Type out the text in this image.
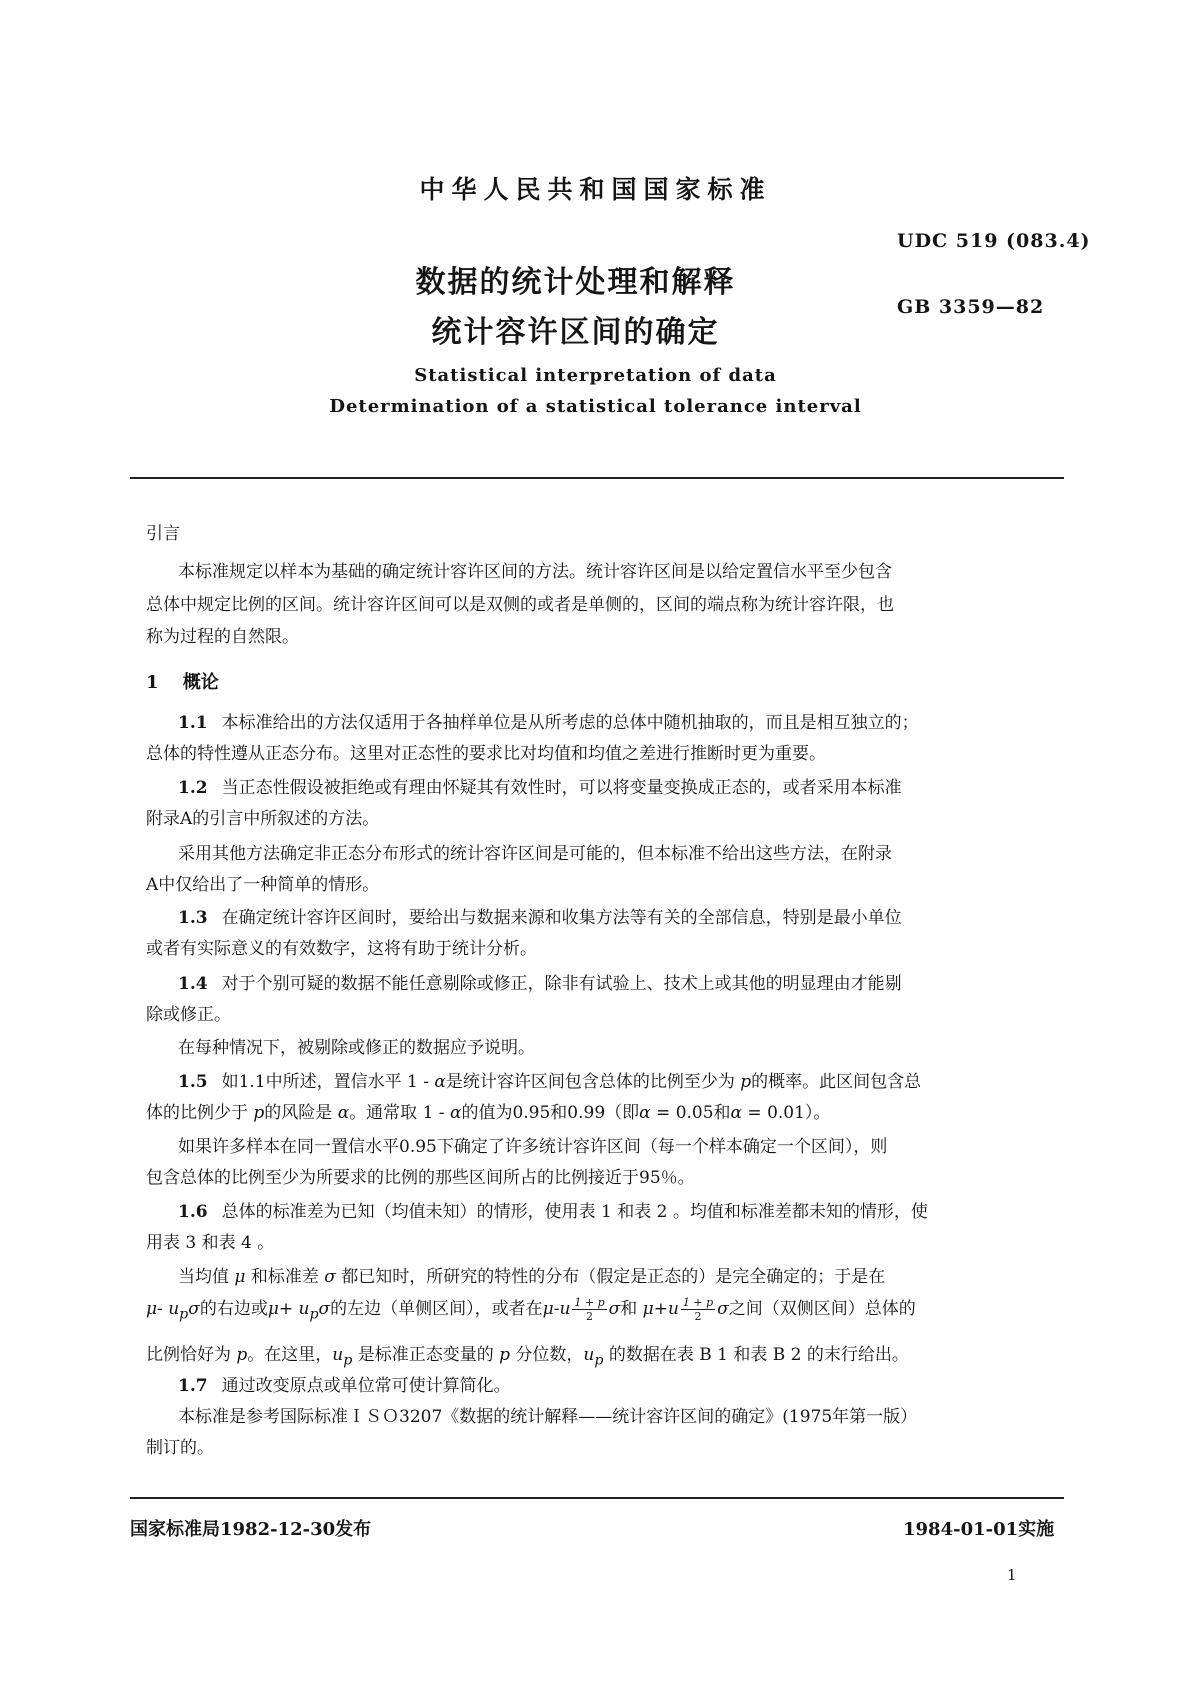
中华人民共和国国家标准
UDC 519 (083.4)
数据的统计处理和解释
GB 3359—82
统计容许区间的确定
Statistical interpretation of data
Determination of a statistical tolerance interval
引言
本标准规定以样本为基础的确定统计容许区间的方法。统计容许区间是以给定置信水平至少包含
总体中规定比例的区间。统计容许区间可以是双侧的或者是单侧的，区间的端点称为统计容许限，也
称为过程的自然限。
1 概论
1.1 本标准给出的方法仅适用于各抽样单位是从所考虑的总体中随机抽取的，而且是相互独立的；
总体的特性遵从正态分布。这里对正态性的要求比对均值和均值之差进行推断时更为重要。
1.2 当正态性假设被拒绝或有理由怀疑其有效性时，可以将变量变换成正态的，或者采用本标准
附录A的引言中所叙述的方法。
采用其他方法确定非正态分布形式的统计容许区间是可能的，但本标准不给出这些方法，在附录
A中仅给出了一种简单的情形。
1.3 在确定统计容许区间时，要给出与数据来源和收集方法等有关的全部信息，特别是最小单位
或者有实际意义的有效数字，这将有助于统计分析。
1.4 对于个别可疑的数据不能任意剔除或修正，除非有试验上、技术上或其他的明显理由才能剔
除或修正。
在每种情况下，被剔除或修正的数据应予说明。
1.5 如1.1中所述，置信水平 1 - α是统计容许区间包含总体的比例至少为 p的概率。此区间包含总
体的比例少于 p的风险是 α。通常取 1 - α的值为0.95和0.99（即α = 0.05和α = 0.01）。
如果许多样本在同一置信水平0.95下确定了许多统计容许区间（每一个样本确定一个区间），则
包含总体的比例至少为所要求的比例的那些区间所占的比例接近于95％。
1.6 总体的标准差为已知（均值未知）的情形，使用表 1 和表 2 。均值和标准差都未知的情形，使
用表 3 和表 4 。
当均值 μ 和标准差 σ 都已知时，所研究的特性的分布（假定是正态的）是完全确定的；于是在
μ- $u_p\sigma$的右边或$\mu+ u_p\sigma$的左边（单侧区间），或者在$\mu-u \frac{1 + p}{2}$ σ和 $\mu+u \frac{1 + p}{2}$ σ之间（双侧区间）总体的
比例恰好为 p。在这里，$u_p$ 是标准正态变量的 p 分位数，$u_p$ 的数据在表 B 1 和表 B 2 的末行给出。
1.7 通过改变原点或单位常可使计算简化。
本标准是参考国际标准ＩＳＯ3207《数据的统计解释——统计容许区间的确定》(1975年第一版）
制订的。
国家标准局1982-12-30发布	1984-01-01实施
1
